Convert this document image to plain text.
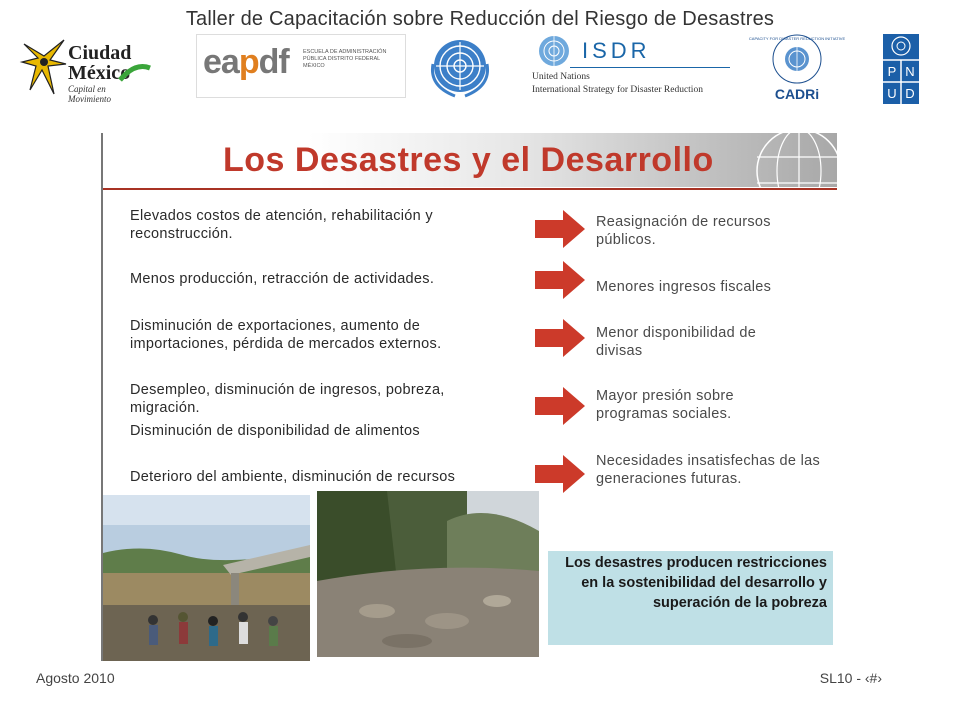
Taller de Capacitación sobre Reducción del Riesgo de Desastres
Ciudad
México
Capital en Movimiento
eapdf	ESCUELA DE ADMINISTRACIÓN PÚBLICA DISTRITO FEDERAL MÉXICO
ISDR
United Nations
International Strategy for Disaster Reduction
CAPACITY FOR DISASTER REDUCTION INITIATIVE
CADRi
P N
U D
Los Desastres y el Desarrollo
Elevados costos de atención, rehabilitación y reconstrucción.
Menos producción, retracción de actividades.
Disminución de exportaciones, aumento de importaciones, pérdida de mercados externos.
Desempleo, disminución de ingresos, pobreza, migración.
Disminución de disponibilidad de alimentos
Deterioro del ambiente, disminución de recursos
Reasignación de recursos públicos.
Menores ingresos fiscales
Menor disponibilidad de divisas
Mayor presión sobre programas sociales.
Necesidades insatisfechas de las generaciones futuras.
Los desastres producen restricciones en la sostenibilidad del desarrollo y superación de la pobreza
Agosto 2010	SL10 - ‹#›
